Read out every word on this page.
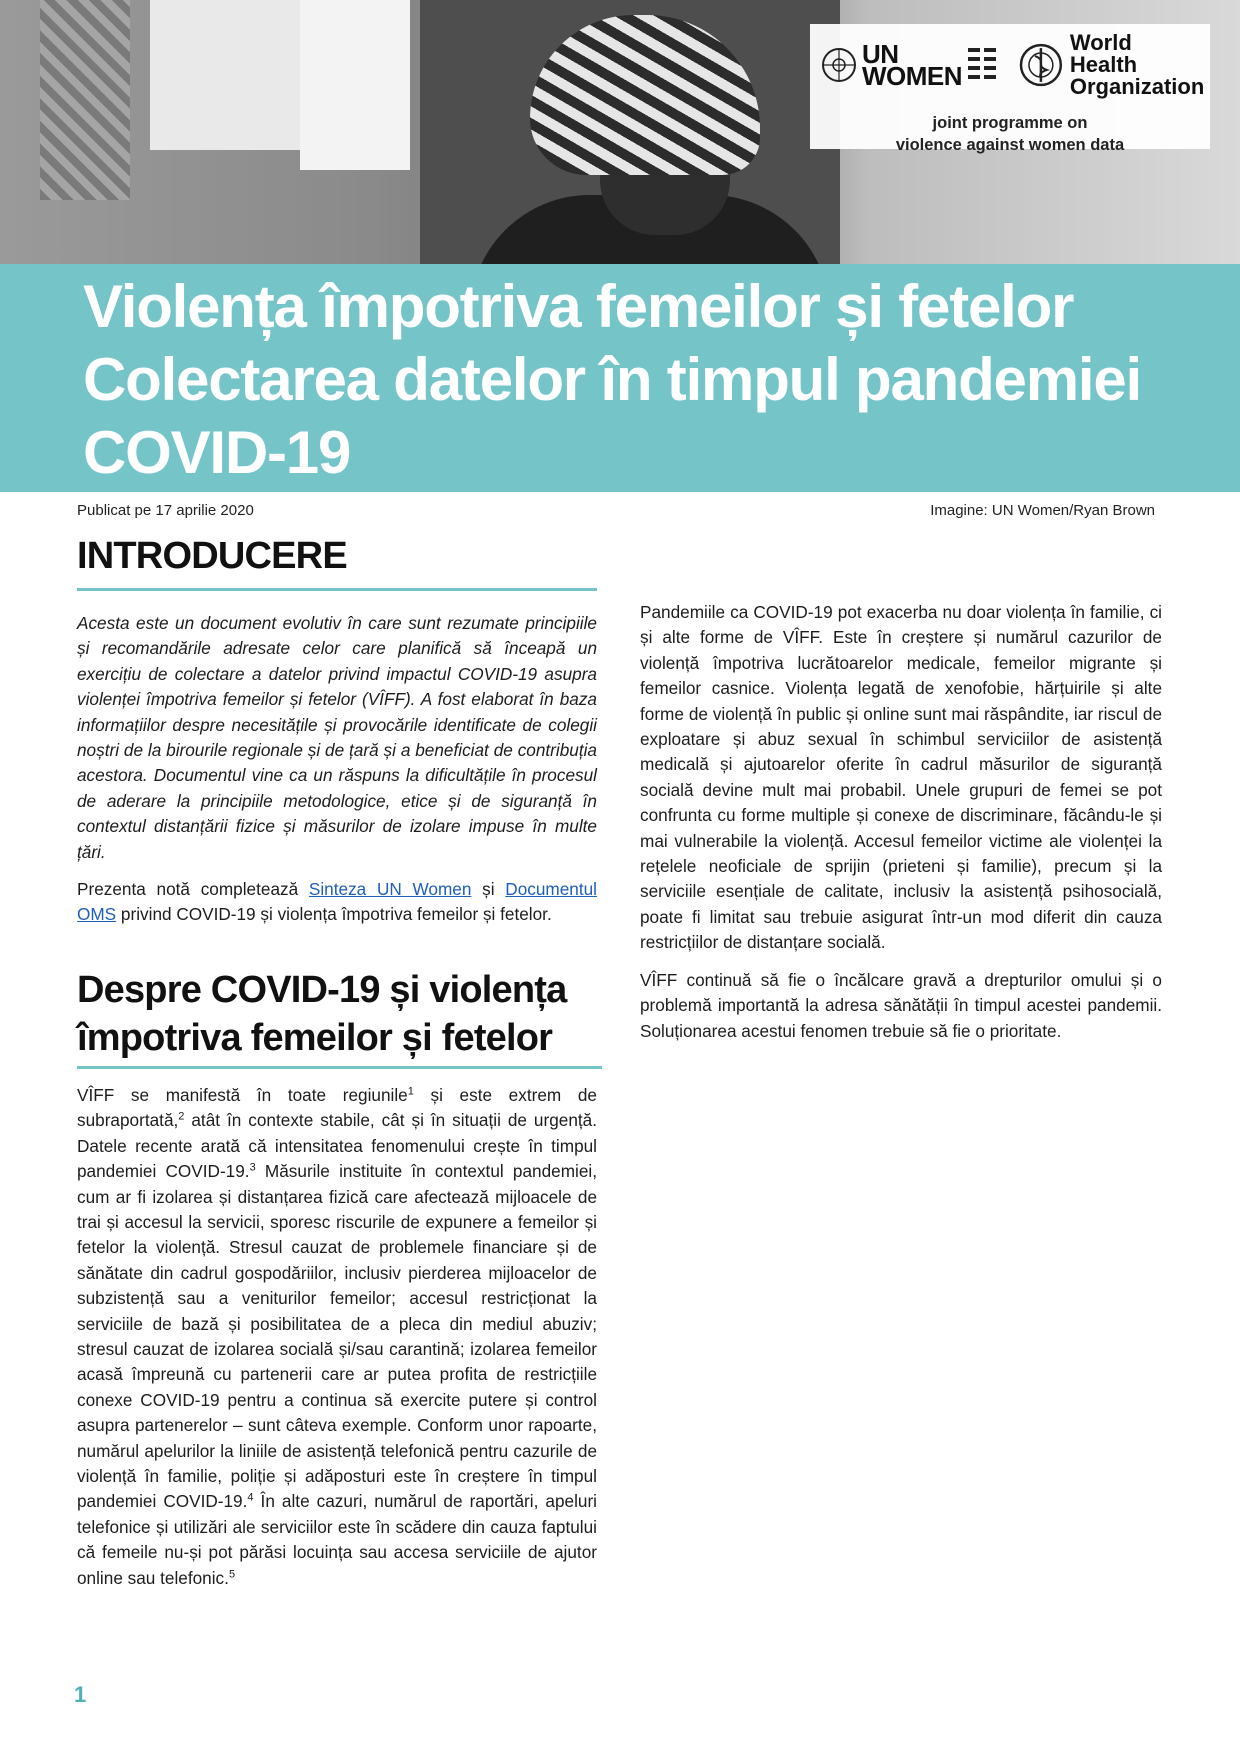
UN
WOMEN
World Health
Organization
joint programme on
violence against women data
Violența împotriva femeilor și fetelor
Colectarea datelor în timpul pandemiei
COVID-19
Publicat pe 17 aprilie 2020	Imagine: UN Women/Ryan Brown
INTRODUCERE

Acesta este un document evolutiv în care sunt rezumate principiile și recomandările adresate celor care planifică să înceapă un exercițiu de colectare a datelor privind impactul COVID-19 asupra violenței împotriva femeilor și fetelor (VÎFF). A fost elaborat în baza informațiilor despre necesitățile și provocările identificate de colegii noștri de la birourile regionale și de țară și a beneficiat de contribuția acestora. Documentul vine ca un răspuns la dificultățile în procesul de aderare la principiile metodologice, etice și de siguranță în contextul distanțării fizice și măsurilor de izolare impuse în multe țări.

Prezenta notă completează Sinteza UN Women și Documentul OMS privind COVID-19 și violența împotriva femeilor și fetelor.

Despre COVID-19 și violența
împotriva femeilor și fetelor

VÎFF se manifestă în toate regiunile$^1$ și este extrem de subraportată,$^2$ atât în contexte stabile, cât și în situații de urgență. Datele recente arată că intensitatea fenomenului crește în timpul pandemiei COVID-19.$^3$ Măsurile instituite în contextul pandemiei, cum ar fi izolarea și distanțarea fizică care afectează mijloacele de trai și accesul la servicii, sporesc riscurile de expunere a femeilor și fetelor la violență. Stresul cauzat de problemele financiare și de sănătate din cadrul gospodăriilor, inclusiv pierderea mijloacelor de subzistență sau a veniturilor femeilor; accesul restricționat la serviciile de bază și posibilitatea de a pleca din mediul abuziv; stresul cauzat de izolarea socială și/sau carantină; izolarea femeilor acasă împreună cu partenerii care ar putea profita de restricțiile conexe COVID-19 pentru a continua să exercite putere și control asupra partenerelor – sunt câteva exemple. Conform unor rapoarte, numărul apelurilor la liniile de asistență telefonică pentru cazurile de violență în familie, poliție și adăposturi este în creștere în timpul pandemiei COVID-19.$^4$ În alte cazuri, numărul de raportări, apeluri telefonice și utilizări ale serviciilor este în scădere din cauza faptului că femeile nu-și pot părăsi locuința sau accesa serviciile de ajutor online sau telefonic.$^5$

Pandemiile ca COVID-19 pot exacerba nu doar violența în familie, ci și alte forme de VÎFF. Este în creștere și numărul cazurilor de violență împotriva lucrătoarelor medicale, femeilor migrante și femeilor casnice. Violența legată de xenofobie, hărțuirile și alte forme de violență în public și online sunt mai răspândite, iar riscul de exploatare și abuz sexual în schimbul serviciilor de asistență medicală și ajutoarelor oferite în cadrul măsurilor de siguranță socială devine mult mai probabil. Unele grupuri de femei se pot confrunta cu forme multiple și conexe de discriminare, făcându-le și mai vulnerabile la violență. Accesul femeilor victime ale violenței la rețelele neoficiale de sprijin (prieteni și familie), precum și la serviciile esențiale de calitate, inclusiv la asistență psihosocială, poate fi limitat sau trebuie asigurat într-un mod diferit din cauza restricțiilor de distanțare socială.

VÎFF continuă să fie o încălcare gravă a drepturilor omului și o problemă importantă la adresa sănătății în timpul acestei pandemii. Soluționarea acestui fenomen trebuie să fie o prioritate.

1
